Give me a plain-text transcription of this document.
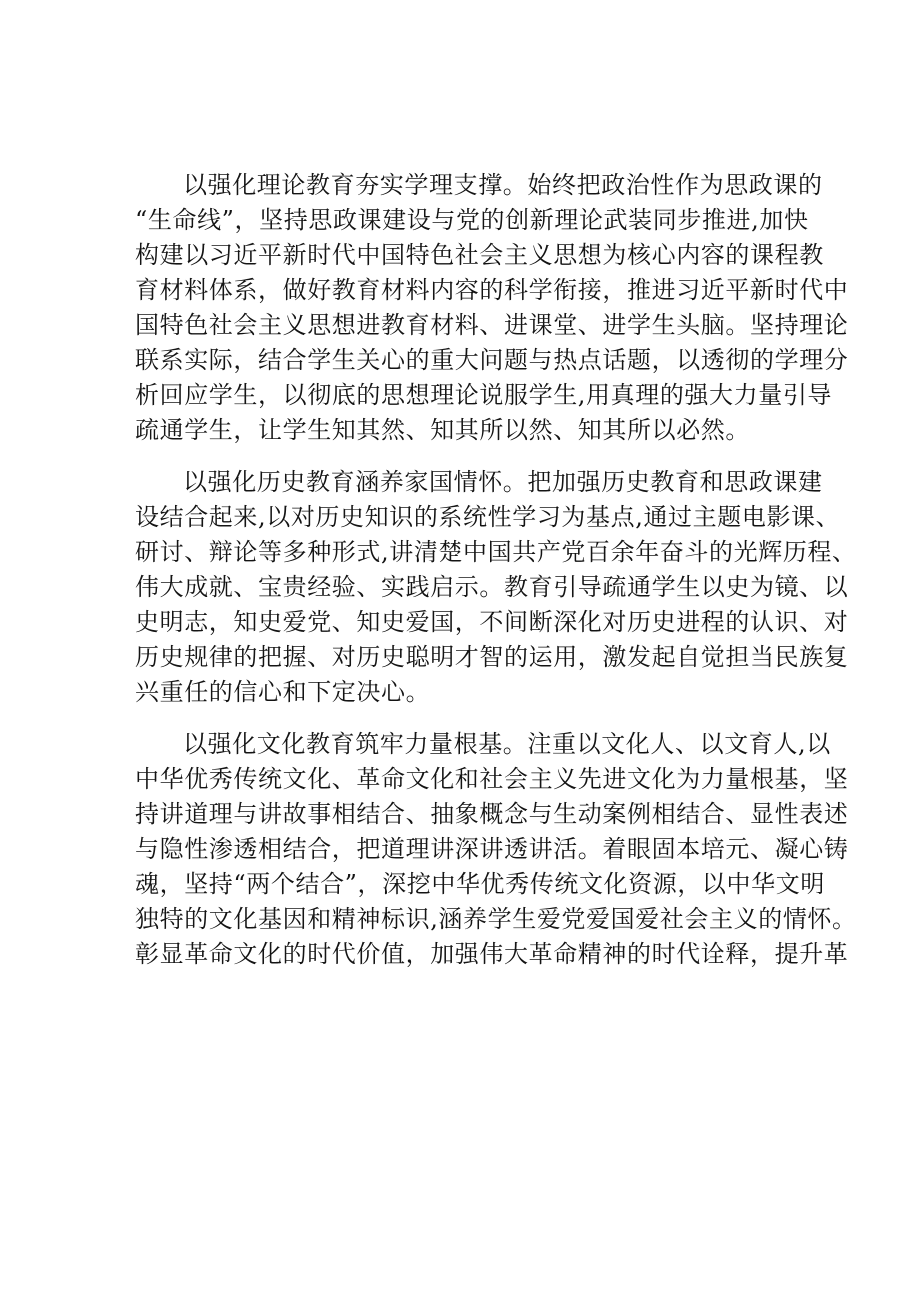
以强化理论教育夯实学理支撑。始终把政治性作为思政课的

“生命线”，坚持思政课建设与党的创新理论武装同步推进,加快

构建以习近平新时代中国特色社会主义思想为核心内容的课程教

育材料体系，做好教育材料内容的科学衔接，推进习近平新时代中

国特色社会主义思想进教育材料、进课堂、进学生头脑。坚持理论

联系实际，结合学生关心的重大问题与热点话题，以透彻的学理分

析回应学生，以彻底的思想理论说服学生,用真理的强大力量引导

疏通学生，让学生知其然、知其所以然、知其所以必然。

以强化历史教育涵养家国情怀。把加强历史教育和思政课建

设结合起来,以对历史知识的系统性学习为基点,通过主题电影课、

研讨、辩论等多种形式,讲清楚中国共产党百余年奋斗的光辉历程、

伟大成就、宝贵经验、实践启示。教育引导疏通学生以史为镜、以

史明志，知史爱党、知史爱国，不间断深化对历史进程的认识、对

历史规律的把握、对历史聪明才智的运用，激发起自觉担当民族复

兴重任的信心和下定决心。

以强化文化教育筑牢力量根基。注重以文化人、以文育人,以

中华优秀传统文化、革命文化和社会主义先进文化为力量根基，坚

持讲道理与讲故事相结合、抽象概念与生动案例相结合、显性表述

与隐性渗透相结合，把道理讲深讲透讲活。着眼固本培元、凝心铸

魂，坚持“两个结合”，深挖中华优秀传统文化资源，以中华文明

独特的文化基因和精神标识,涵养学生爱党爱国爱社会主义的情怀。

彰显革命文化的时代价值，加强伟大革命精神的时代诠释，提升革
